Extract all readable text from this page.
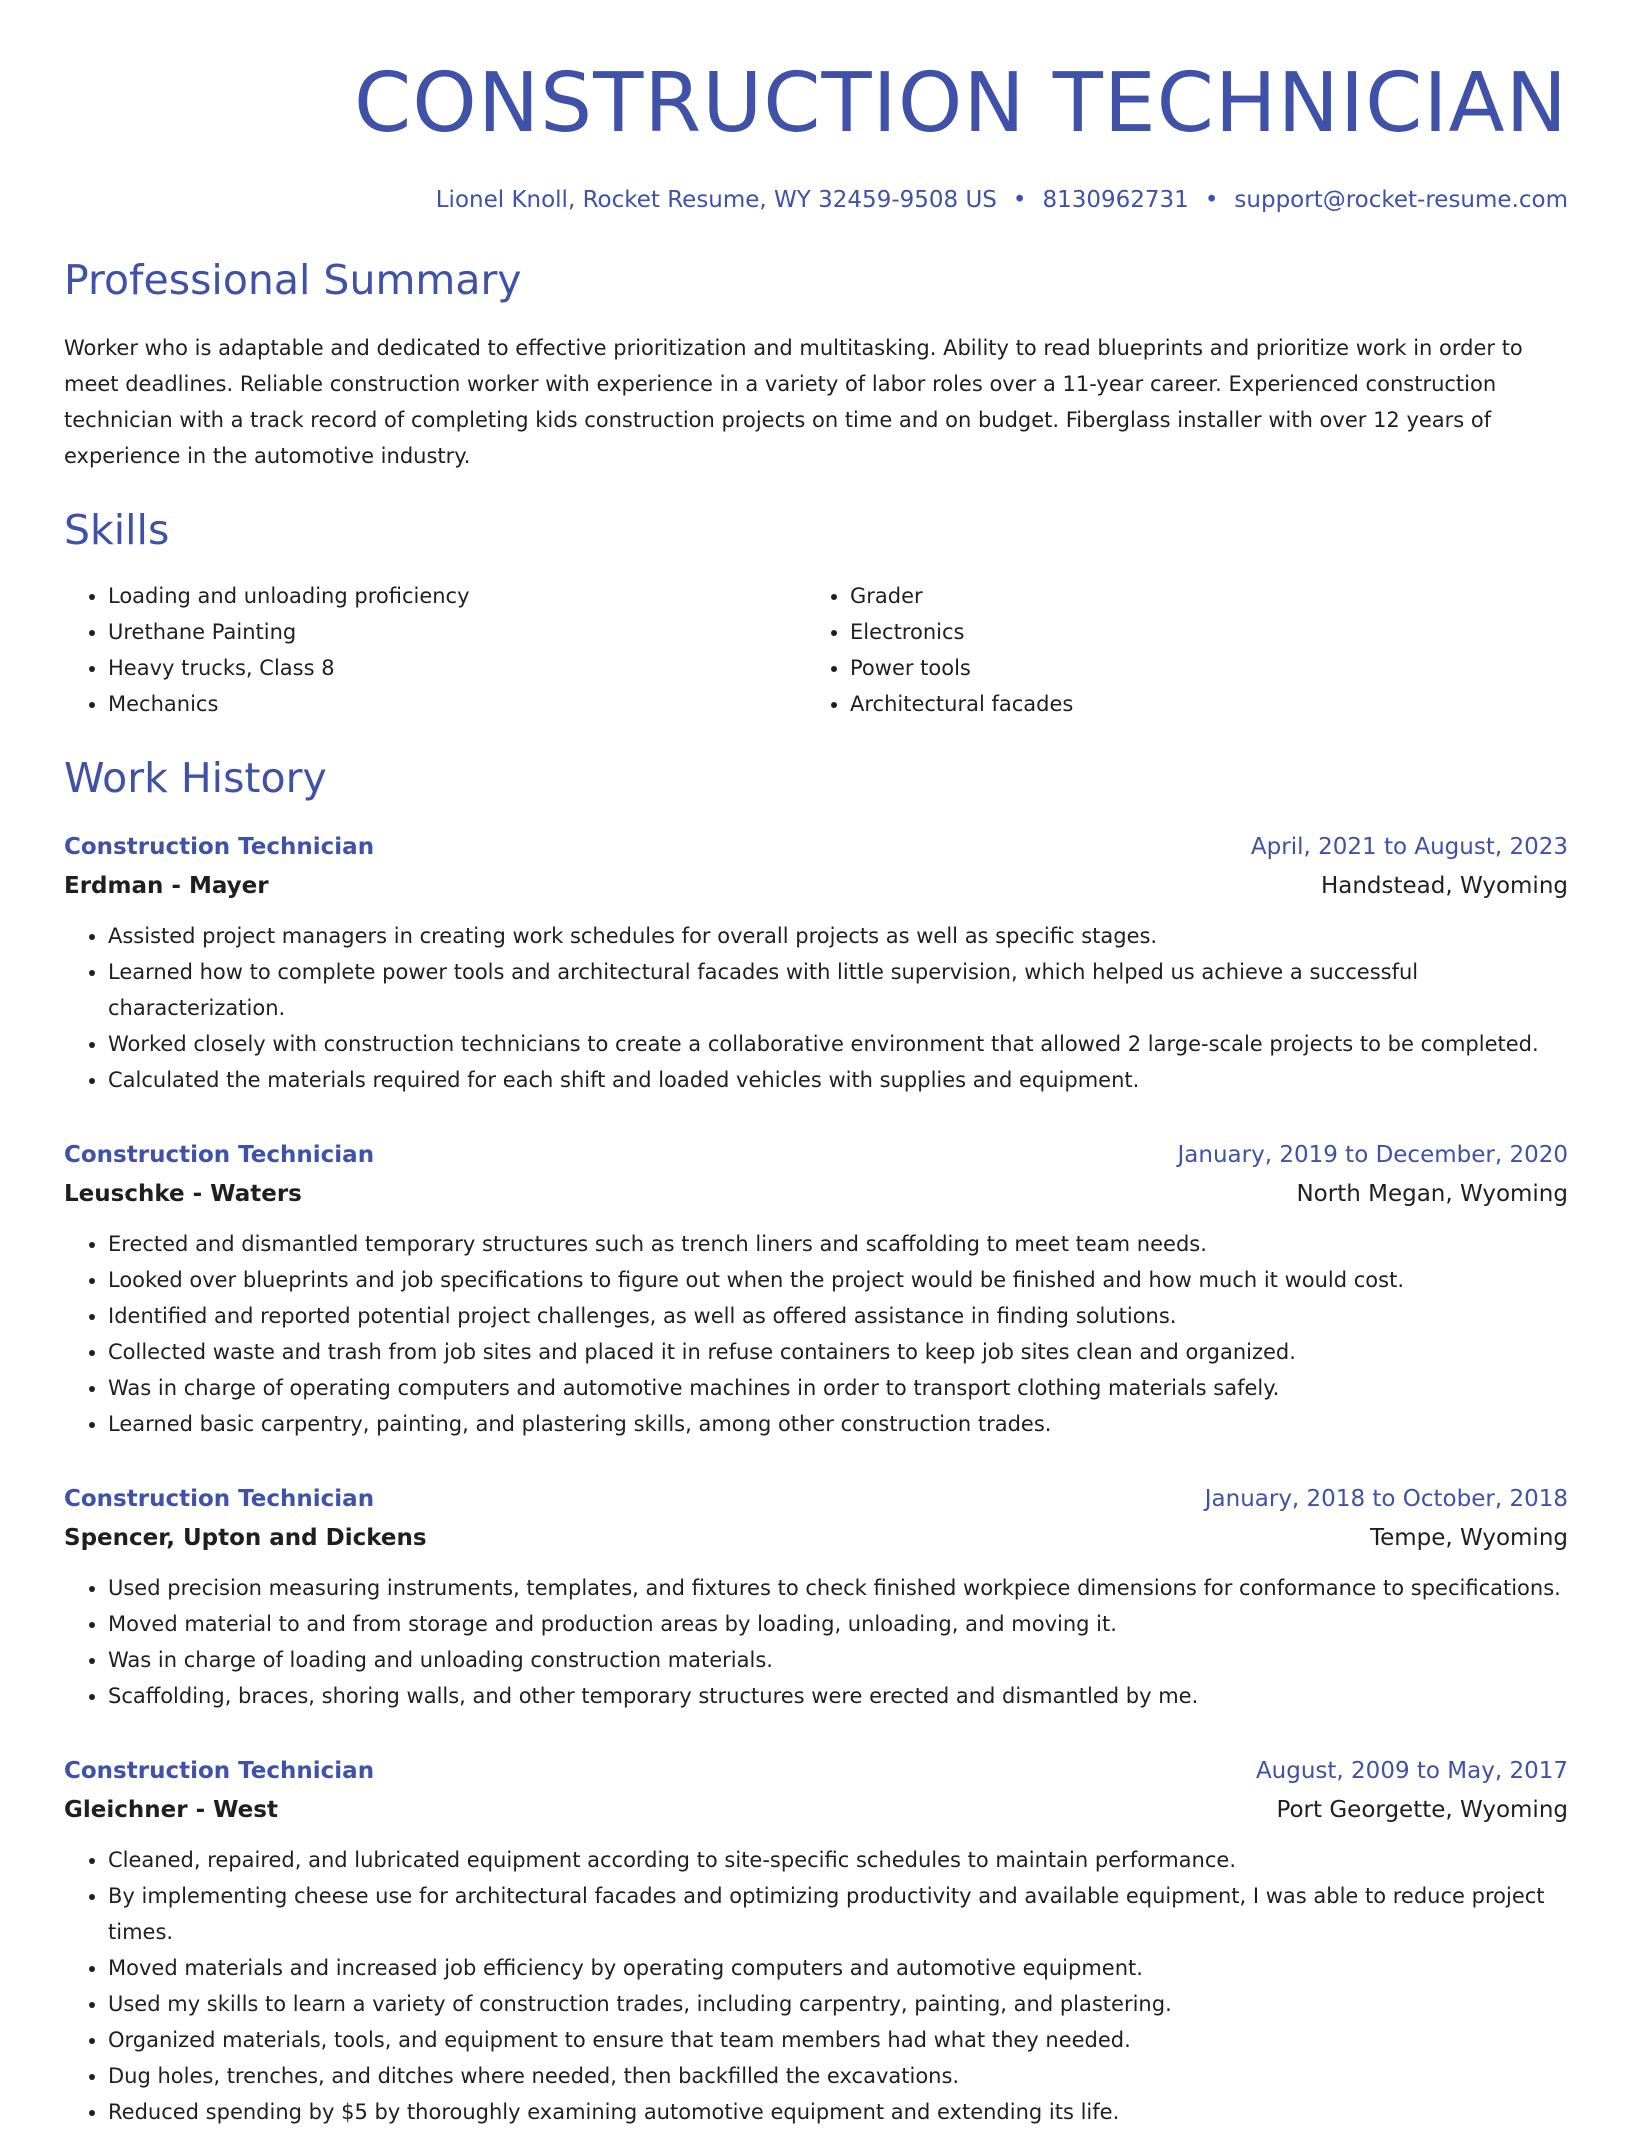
CONSTRUCTION TECHNICIAN
Lionel Knoll, Rocket Resume, WY 32459-9508 US • 8130962731 • support@rocket-resume.com
Professional Summary

Worker who is adaptable and dedicated to effective prioritization and multitasking. Ability to read blueprints and prioritize work in order to meet deadlines. Reliable construction worker with experience in a variety of labor roles over a 11-year career. Experienced construction technician with a track record of completing kids construction projects on time and on budget. Fiberglass installer with over 12 years of experience in the automotive industry.

Skills
• Loading and unloading proficiency
• Urethane Painting
• Heavy trucks, Class 8
• Mechanics
• Grader
• Electronics
• Power tools
• Architectural facades
Work History
Construction Technician	April, 2021 to August, 2023
Erdman - Mayer	Handstead, Wyoming
• Assisted project managers in creating work schedules for overall projects as well as specific stages.
• Learned how to complete power tools and architectural facades with little supervision, which helped us achieve a successful characterization.
• Worked closely with construction technicians to create a collaborative environment that allowed 2 large-scale projects to be completed.
• Calculated the materials required for each shift and loaded vehicles with supplies and equipment.
Construction Technician	January, 2019 to December, 2020
Leuschke - Waters	North Megan, Wyoming
• Erected and dismantled temporary structures such as trench liners and scaffolding to meet team needs.
• Looked over blueprints and job specifications to figure out when the project would be finished and how much it would cost.
• Identified and reported potential project challenges, as well as offered assistance in finding solutions.
• Collected waste and trash from job sites and placed it in refuse containers to keep job sites clean and organized.
• Was in charge of operating computers and automotive machines in order to transport clothing materials safely.
• Learned basic carpentry, painting, and plastering skills, among other construction trades.
Construction Technician	January, 2018 to October, 2018
Spencer, Upton and Dickens	Tempe, Wyoming
• Used precision measuring instruments, templates, and fixtures to check finished workpiece dimensions for conformance to specifications.
• Moved material to and from storage and production areas by loading, unloading, and moving it.
• Was in charge of loading and unloading construction materials.
• Scaffolding, braces, shoring walls, and other temporary structures were erected and dismantled by me.
Construction Technician	August, 2009 to May, 2017
Gleichner - West	Port Georgette, Wyoming
• Cleaned, repaired, and lubricated equipment according to site-specific schedules to maintain performance.
• By implementing cheese use for architectural facades and optimizing productivity and available equipment, I was able to reduce project times.
• Moved materials and increased job efficiency by operating computers and automotive equipment.
• Used my skills to learn a variety of construction trades, including carpentry, painting, and plastering.
• Organized materials, tools, and equipment to ensure that team members had what they needed.
• Dug holes, trenches, and ditches where needed, then backfilled the excavations.
• Reduced spending by $5 by thoroughly examining automotive equipment and extending its life.
